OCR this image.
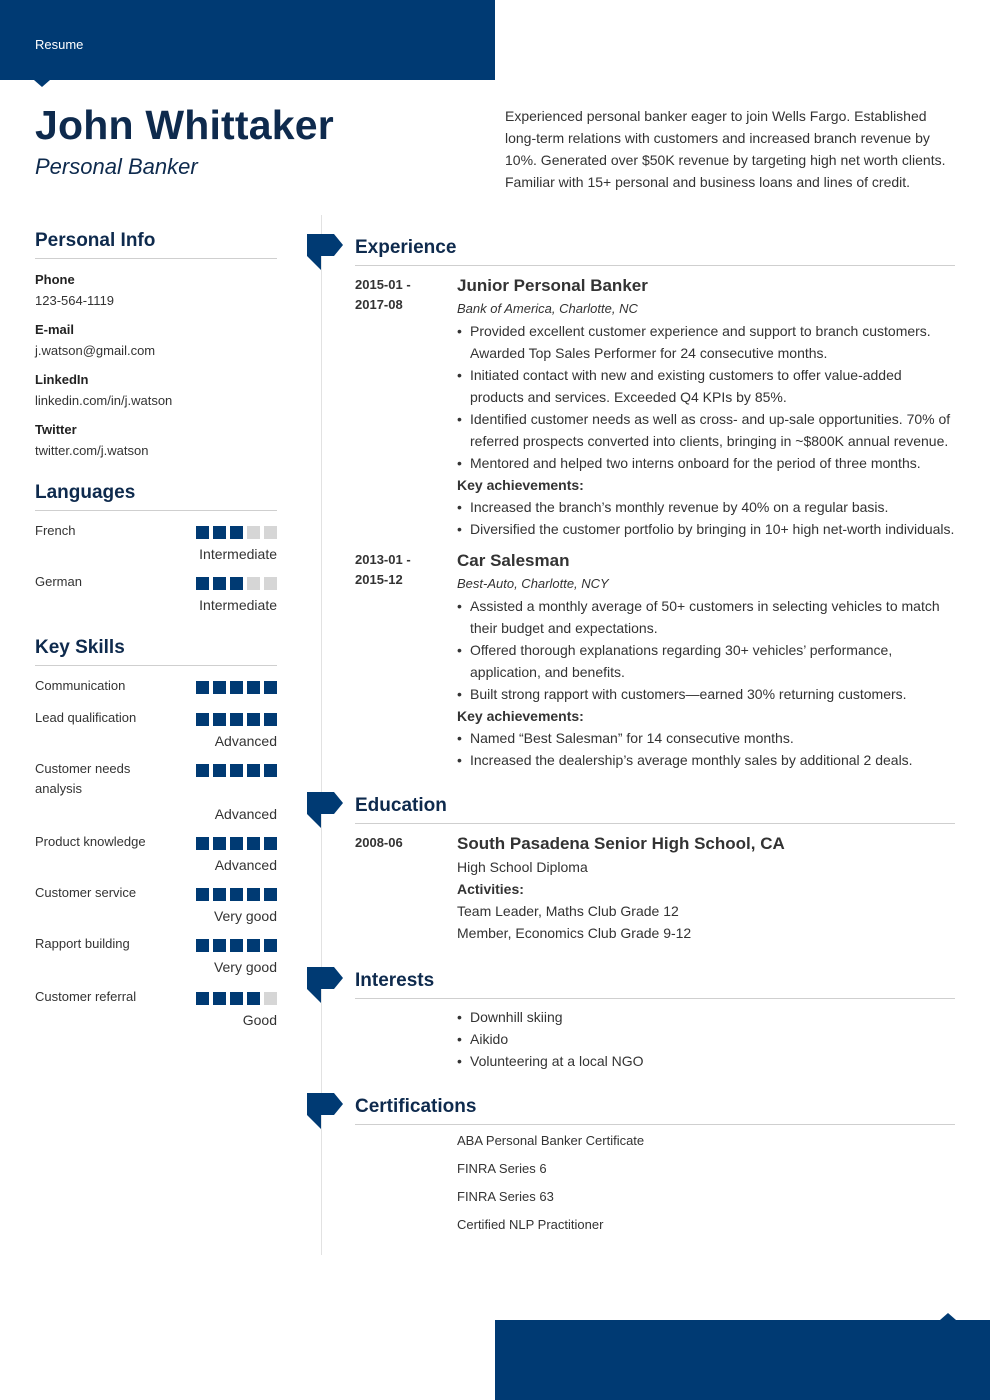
Resume
John Whittaker
Personal Banker
Experienced personal banker eager to join Wells Fargo. Established long-term relations with customers and increased branch revenue by 10%. Generated over $50K revenue by targeting high net worth clients. Familiar with 15+ personal and business loans and lines of credit.
Personal Info
Phone
123-564-1119
E-mail
j.watson@gmail.com
LinkedIn
linkedin.com/in/j.watson
Twitter
twitter.com/j.watson
Languages
French
Intermediate
German
Intermediate
Key Skills
Communication
Lead qualification
Advanced
Customer needs analysis
Advanced
Product knowledge
Advanced
Customer service
Very good
Rapport building
Very good
Customer referral
Good
Experience
2015-01 -
2017-08
Junior Personal Banker
Bank of America, Charlotte, NC
• Provided excellent customer experience and support to branch customers. Awarded Top Sales Performer for 24 consecutive months.
• Initiated contact with new and existing customers to offer value-added products and services. Exceeded Q4 KPIs by 85%.
• Identified customer needs as well as cross- and up-sale opportunities. 70% of referred prospects converted into clients, bringing in ~$800K annual revenue.
• Mentored and helped two interns onboard for the period of three months.
Key achievements:
• Increased the branch’s monthly revenue by 40% on a regular basis.
• Diversified the customer portfolio by bringing in 10+ high net-worth individuals.
2013-01 -
2015-12
Car Salesman
Best-Auto, Charlotte, NCY
• Assisted a monthly average of 50+ customers in selecting vehicles to match their budget and expectations.
• Offered thorough explanations regarding 30+ vehicles’ performance, application, and benefits.
• Built strong rapport with customers—earned 30% returning customers.
Key achievements:
• Named “Best Salesman” for 14 consecutive months.
• Increased the dealership’s average monthly sales by additional 2 deals.
Education
2008-06	South Pasadena Senior High School, CA
High School Diploma
Activities:
Team Leader, Maths Club Grade 12
Member, Economics Club Grade 9-12
Interests
• Downhill skiing
• Aikido
• Volunteering at a local NGO
Certifications
ABA Personal Banker Certificate
FINRA Series 6
FINRA Series 63
Certified NLP Practitioner
